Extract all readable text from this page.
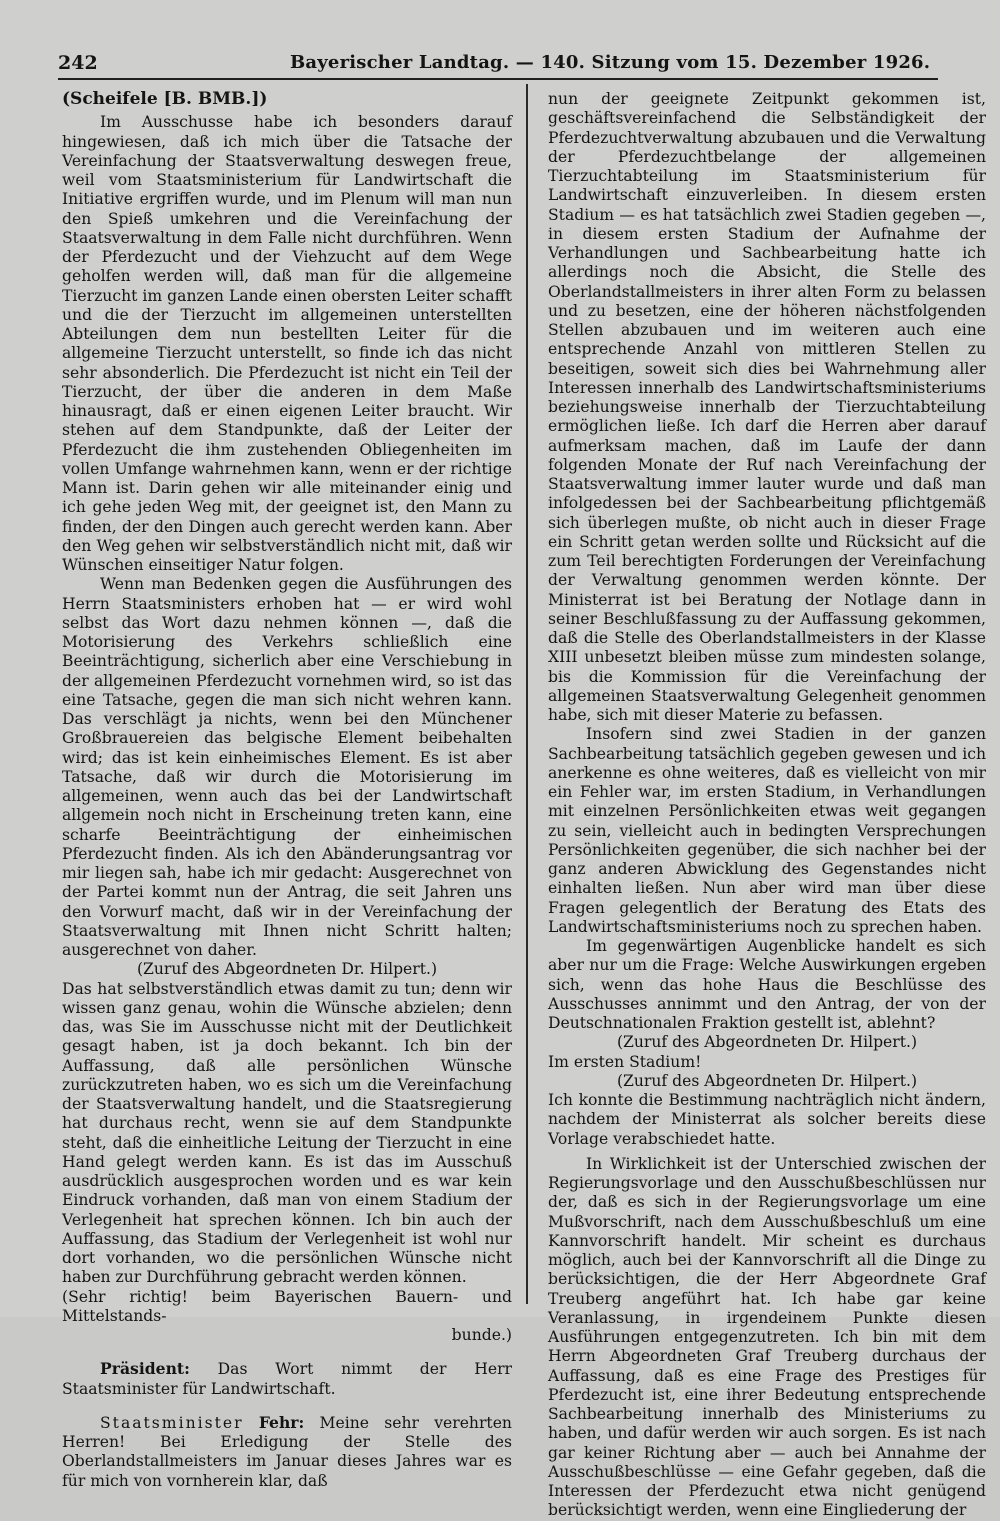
242	Bayerischer Landtag. — 140. Sitzung vom 15. Dezember 1926.

(Scheifele [B. BMB.])

Im Ausschusse habe ich besonders darauf hingewiesen, daß ich mich über die Tatsache der Vereinfachung der Staatsverwaltung deswegen freue, weil vom Staatsministerium für Landwirtschaft die Initiative ergriffen wurde, und im Plenum will man nun den Spieß umkehren und die Vereinfachung der Staatsverwaltung in dem Falle nicht durchführen. Wenn der Pferdezucht und der Viehzucht auf dem Wege geholfen werden will, daß man für die allgemeine Tierzucht im ganzen Lande einen obersten Leiter schafft und die der Tierzucht im allgemeinen unterstellten Abteilungen dem nun bestellten Leiter für die allgemeine Tierzucht unterstellt, so finde ich das nicht sehr absonderlich. Die Pferdezucht ist nicht ein Teil der Tierzucht, der über die anderen in dem Maße hinausragt, daß er einen eigenen Leiter braucht. Wir stehen auf dem Standpunkte, daß der Leiter der Pferdezucht die ihm zustehenden Obliegenheiten im vollen Umfange wahrnehmen kann, wenn er der richtige Mann ist. Darin gehen wir alle miteinander einig und ich gehe jeden Weg mit, der geeignet ist, den Mann zu finden, der den Dingen auch gerecht werden kann. Aber den Weg gehen wir selbstverständlich nicht mit, daß wir Wünschen einseitiger Natur folgen.

Wenn man Bedenken gegen die Ausführungen des Herrn Staatsministers erhoben hat — er wird wohl selbst das Wort dazu nehmen können —, daß die Motorisierung des Verkehrs schließlich eine Beeinträchtigung, sicherlich aber eine Verschiebung in der allgemeinen Pferdezucht vornehmen wird, so ist das eine Tatsache, gegen die man sich nicht wehren kann. Das verschlägt ja nichts, wenn bei den Münchener Großbrauereien das belgische Element beibehalten wird; das ist kein einheimisches Element. Es ist aber Tatsache, daß wir durch die Motorisierung im allgemeinen, wenn auch das bei der Landwirtschaft allgemein noch nicht in Erscheinung treten kann, eine scharfe Beeinträchtigung der einheimischen Pferdezucht finden. Als ich den Abänderungsantrag vor mir liegen sah, habe ich mir gedacht: Ausgerechnet von der Partei kommt nun der Antrag, die seit Jahren uns den Vorwurf macht, daß wir in der Vereinfachung der Staatsverwaltung mit Ihnen nicht Schritt halten; ausgerechnet von daher.

(Zuruf des Abgeordneten Dr. Hilpert.)

Das hat selbstverständlich etwas damit zu tun; denn wir wissen ganz genau, wohin die Wünsche abzielen; denn das, was Sie im Ausschusse nicht mit der Deutlichkeit gesagt haben, ist ja doch bekannt. Ich bin der Auffassung, daß alle persönlichen Wünsche zurückzutreten haben, wo es sich um die Vereinfachung der Staatsverwaltung handelt, und die Staatsregierung hat durchaus recht, wenn sie auf dem Standpunkte steht, daß die einheitliche Leitung der Tierzucht in eine Hand gelegt werden kann. Es ist das im Ausschuß ausdrücklich ausgesprochen worden und es war kein Eindruck vorhanden, daß man von einem Stadium der Verlegenheit hat sprechen können. Ich bin auch der Auffassung, das Stadium der Verlegenheit ist wohl nur dort vorhanden, wo die persönlichen Wünsche nicht haben zur Durchführung gebracht werden können.

(Sehr richtig! beim Bayerischen Bauern- und Mittelstands-

bunde.)

Präsident: Das Wort nimmt der Herr Staatsminister für Landwirtschaft.

Staatsminister Fehr: Meine sehr verehrten Herren! Bei Erledigung der Stelle des Oberlandstallmeisters im Januar dieses Jahres war es für mich von vornherein klar, daß

nun der geeignete Zeitpunkt gekommen ist, geschäftsvereinfachend die Selbständigkeit der Pferdezuchtverwaltung abzubauen und die Verwaltung der Pferdezuchtbelange der allgemeinen Tierzuchtabteilung im Staatsministerium für Landwirtschaft einzuverleiben. In diesem ersten Stadium — es hat tatsächlich zwei Stadien gegeben —, in diesem ersten Stadium der Aufnahme der Verhandlungen und Sachbearbeitung hatte ich allerdings noch die Absicht, die Stelle des Oberlandstallmeisters in ihrer alten Form zu belassen und zu besetzen, eine der höheren nächstfolgenden Stellen abzubauen und im weiteren auch eine entsprechende Anzahl von mittleren Stellen zu beseitigen, soweit sich dies bei Wahrnehmung aller Interessen innerhalb des Landwirtschaftsministeriums beziehungsweise innerhalb der Tierzuchtabteilung ermöglichen ließe. Ich darf die Herren aber darauf aufmerksam machen, daß im Laufe der dann folgenden Monate der Ruf nach Vereinfachung der Staatsverwaltung immer lauter wurde und daß man infolgedessen bei der Sachbearbeitung pflichtgemäß sich überlegen mußte, ob nicht auch in dieser Frage ein Schritt getan werden sollte und Rücksicht auf die zum Teil berechtigten Forderungen der Vereinfachung der Verwaltung genommen werden könnte. Der Ministerrat ist bei Beratung der Notlage dann in seiner Beschlußfassung zu der Auffassung gekommen, daß die Stelle des Oberlandstallmeisters in der Klasse XIII unbesetzt bleiben müsse zum mindesten solange, bis die Kommission für die Vereinfachung der allgemeinen Staatsverwaltung Gelegenheit genommen habe, sich mit dieser Materie zu befassen.

Insofern sind zwei Stadien in der ganzen Sachbearbeitung tatsächlich gegeben gewesen und ich anerkenne es ohne weiteres, daß es vielleicht von mir ein Fehler war, im ersten Stadium, in Verhandlungen mit einzelnen Persönlichkeiten etwas weit gegangen zu sein, vielleicht auch in bedingten Versprechungen Persönlichkeiten gegenüber, die sich nachher bei der ganz anderen Abwicklung des Gegenstandes nicht einhalten ließen. Nun aber wird man über diese Fragen gelegentlich der Beratung des Etats des Landwirtschaftsministeriums noch zu sprechen haben.

Im gegenwärtigen Augenblicke handelt es sich aber nur um die Frage: Welche Auswirkungen ergeben sich, wenn das hohe Haus die Beschlüsse des Ausschusses annimmt und den Antrag, der von der Deutschnationalen Fraktion gestellt ist, ablehnt?

(Zuruf des Abgeordneten Dr. Hilpert.)

Im ersten Stadium!

(Zuruf des Abgeordneten Dr. Hilpert.)

Ich konnte die Bestimmung nachträglich nicht ändern, nachdem der Ministerrat als solcher bereits diese Vorlage verabschiedet hatte.

In Wirklichkeit ist der Unterschied zwischen der Regierungsvorlage und den Ausschußbeschlüssen nur der, daß es sich in der Regierungsvorlage um eine Mußvorschrift, nach dem Ausschußbeschluß um eine Kannvorschrift handelt. Mir scheint es durchaus möglich, auch bei der Kannvorschrift all die Dinge zu berücksichtigen, die der Herr Abgeordnete Graf Treuberg angeführt hat. Ich habe gar keine Veranlassung, in irgendeinem Punkte diesen Ausführungen entgegenzutreten. Ich bin mit dem Herrn Abgeordneten Graf Treuberg durchaus der Auffassung, daß es eine Frage des Prestiges für Pferdezucht ist, eine ihrer Bedeutung entsprechende Sachbearbeitung innerhalb des Ministeriums zu haben, und dafür werden wir auch sorgen. Es ist nach gar keiner Richtung aber — auch bei Annahme der Ausschußbeschlüsse — eine Gefahr gegeben, daß die Interessen der Pferdezucht etwa nicht genügend berücksichtigt werden, wenn eine Eingliederung der
